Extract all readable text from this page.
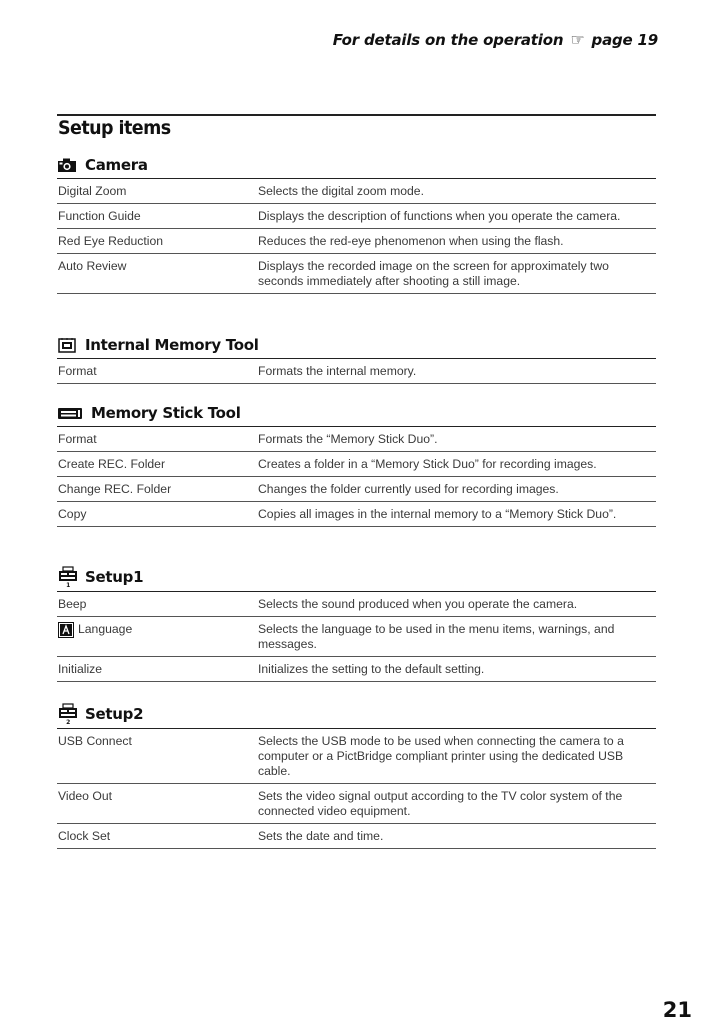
For details on the operation ☞ page 19
Setup items
Camera
Digital Zoom	Selects the digital zoom mode.
Function Guide	Displays the description of functions when you operate the camera.
Red Eye Reduction	Reduces the red-eye phenomenon when using the flash.
Auto Review	Displays the recorded image on the screen for approximately two seconds immediately after shooting a still image.
Internal Memory Tool
Format	Formats the internal memory.
Memory Stick Tool
Format	Formats the “Memory Stick Duo”.
Create REC. Folder	Creates a folder in a “Memory Stick Duo” for recording images.
Change REC. Folder	Changes the folder currently used for recording images.
Copy	Copies all images in the internal memory to a “Memory Stick Duo”.
1 Setup1
Beep	Selects the sound produced when you operate the camera.
Language	Selects the language to be used in the menu items, warnings, and messages.
Initialize	Initializes the setting to the default setting.
2 Setup2
USB Connect	Selects the USB mode to be used when connecting the camera to a computer or a PictBridge compliant printer using the dedicated USB cable.
Video Out	Sets the video signal output according to the TV color system of the connected video equipment.
Clock Set	Sets the date and time.
21
